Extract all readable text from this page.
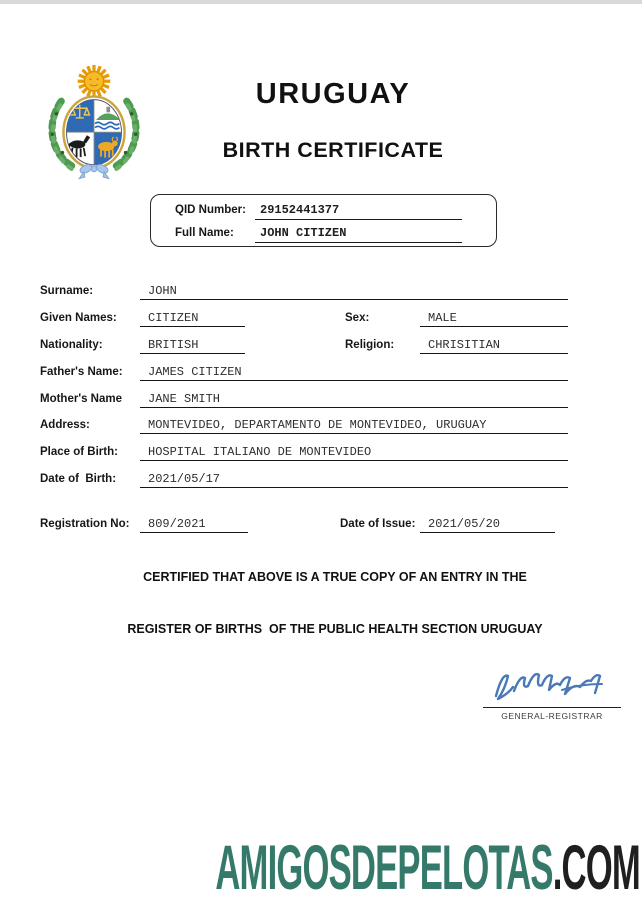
URUGUAY
BIRTH CERTIFICATE
QID Number:	29152441377
Full Name:	JOHN CITIZEN
Surname:	JOHN
Given Names:	CITIZEN	Sex:	MALE
Nationality:	BRITISH	Religion:	CHRISITIAN
Father's Name:	JAMES CITIZEN
Mother's Name	JANE SMITH
Address:	MONTEVIDEO, DEPARTAMENTO DE MONTEVIDEO, URUGUAY
Place of Birth:	HOSPITAL ITALIANO DE MONTEVIDEO
Date of  Birth:	2021/05/17
Registration No:	809/2021	Date of Issue:	2021/05/20
CERTIFIED THAT ABOVE IS A TRUE COPY OF AN ENTRY IN THE
REGISTER OF BIRTHS  OF THE PUBLIC HEALTH SECTION URUGUAY
GENERAL-REGISTRAR
AMIGOSDEPELOTAS.COM
